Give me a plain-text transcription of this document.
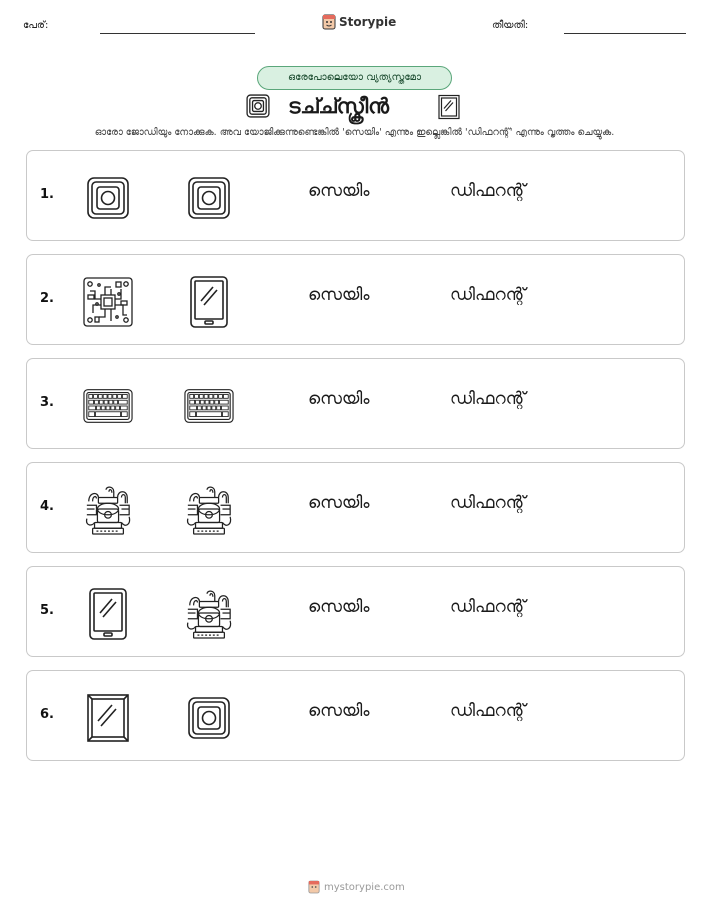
പേര്:	Storypie	തീയതി:
ഒരേപോലെയോ വ്യത്യസ്തമോ
ടച്ച്സ്ക്രീൻ
ഓരോ ജോഡിയും നോക്കുക. അവ യോജിക്കുന്നുണ്ടെങ്കിൽ 'സെയിം' എന്നും ഇല്ലെങ്കിൽ 'ഡിഫറന്റ്' എന്നും വൃത്തം ചെയ്യുക.
1.	സെയിം	ഡിഫറന്റ്
2.	സെയിം	ഡിഫറന്റ്
3.	സെയിം	ഡിഫറന്റ്
4.	സെയിം	ഡിഫറന്റ്
5.	സെയിം	ഡിഫറന്റ്
6.	സെയിം	ഡിഫറന്റ്
mystorypie.com
